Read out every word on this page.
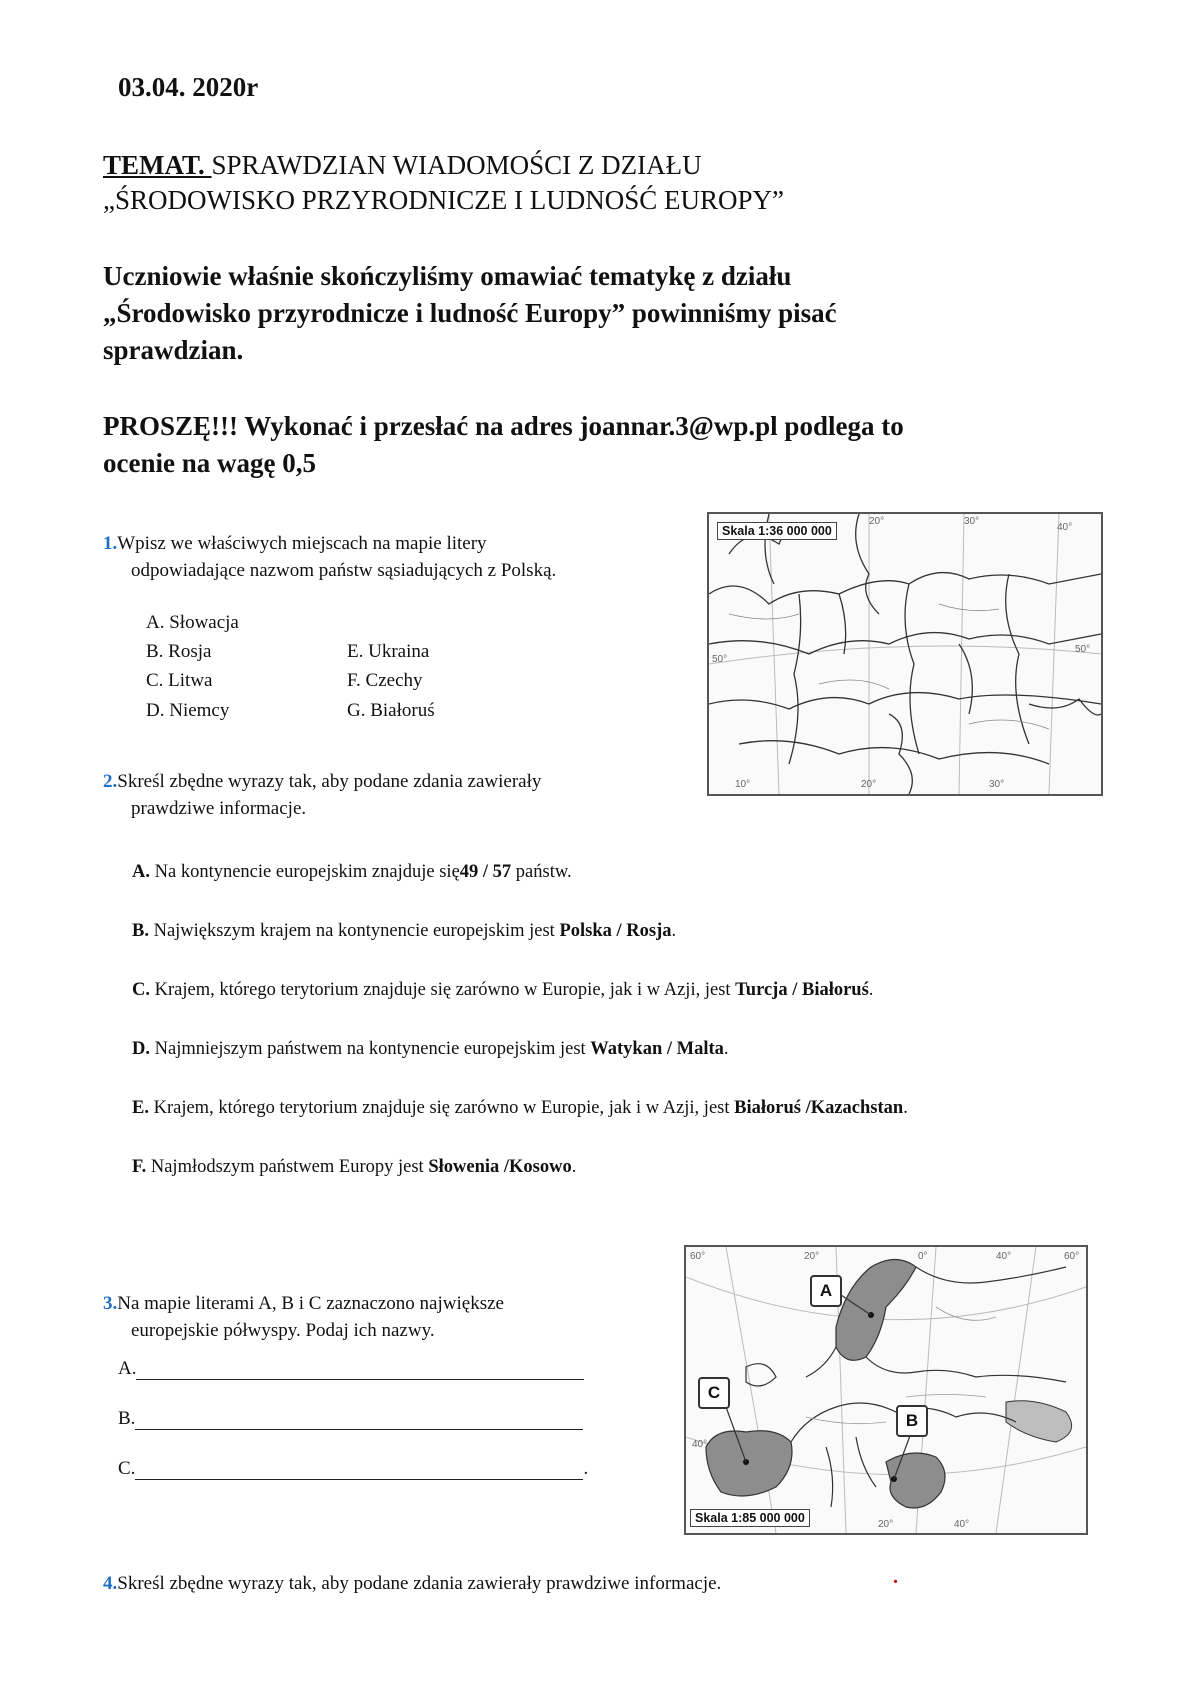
03.04. 2020r
TEMAT. SPRAWDZIAN WIADOMOŚCI Z DZIAŁU
„ŚRODOWISKO PRZYRODNICZE I LUDNOŚĆ EUROPY”
Uczniowie właśnie skończyliśmy omawiać tematykę z działu
„Środowisko przyrodnicze i ludność Europy” powinniśmy pisać
sprawdzian.
PROSZĘ!!! Wykonać i przesłać na adres joannar.3@wp.pl podlega to
ocenie na wagę 0,5
1.Wpisz we właściwych miejscach na mapie litery
odpowiadające nazwom państw sąsiadujących z Polską.
A. Słowacja
B. Rosja
C. Litwa
D. Niemcy
E. Ukraina
F. Czechy
G. Białoruś
Skala 1:36 000 000
20°	30°
40°
50°
50°
10°	20°	30°
2.Skreśl zbędne wyrazy tak, aby podane zdania zawierały
prawdziwe informacje.
A. Na kontynencie europejskim znajduje się49 / 57 państw.
B. Największym krajem na kontynencie europejskim jest Polska / Rosja.
C. Krajem, którego terytorium znajduje się zarówno w Europie, jak i w Azji, jest Turcja / Białoruś.
D. Najmniejszym państwem na kontynencie europejskim jest Watykan / Malta.
E. Krajem, którego terytorium znajduje się zarówno w Europie, jak i w Azji, jest Białoruś /Kazachstan.
F. Najmłodszym państwem Europy jest Słowenia /Kosowo.
A
B
C
Skala 1:85 000 000
60°	20°	0°	40°	60°
40°
20°	40°
3.Na mapie literami A, B i C zaznaczono największe
europejskie półwyspy. Podaj ich nazwy.
A.
B.
C.	.
4.Skreśl zbędne wyrazy tak, aby podane zdania zawierały prawdziwe informacje.	.
